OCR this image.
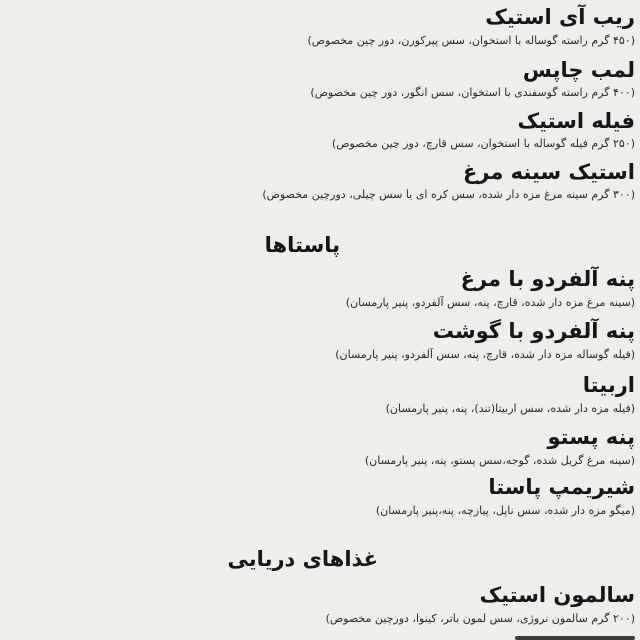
ریب آی استیک

(۴۵۰ گرم راسته گوساله با استخوان، سس پپرکورن، دور چین مخصوص)

لمب چاپس

(۴۰۰ گرم راسته گوسفندی با استخوان، سس انگور، دور چین مخصوص)

فیله استیک

(۲۵۰ گرم فیله گوساله با استخوان، سس قارچ، دور چین مخصوص)

استیک سینه مرغ

(۳۰۰ گرم سینه مرغ مزه دار شده، سس کره ای یا سس چیلی، دورچین مخصوص)

پاستاها
پنه آلفردو با مرغ

(سینه مرغ مزه دار شده، قارچ، پنه، سس آلفردو، پنیر پارمسان)

پنه آلفردو با گوشت

(فیله گوساله مزه دار شده، قارچ، پنه، سس آلفردو، پنیر پارمسان)

اربیتا

(فیله مزه دار شده، سس اربیتا(تند)، پنه، پنیر پارمسان)

پنه پستو

(سینه مرغ گریل شده، گوجه،سس پستو، پنه، پنیر پارمسان)

شیریمپ پاستا

(میگو مزه دار شده، سس ناپل، پیازچه، پنه،پنیر پارمسان)

غذاهای دریایی
سالمون استیک

(۲۰۰ گرم سالمون نروژی، سس لمون باتر، کینوا، دورچین مخصوص)
